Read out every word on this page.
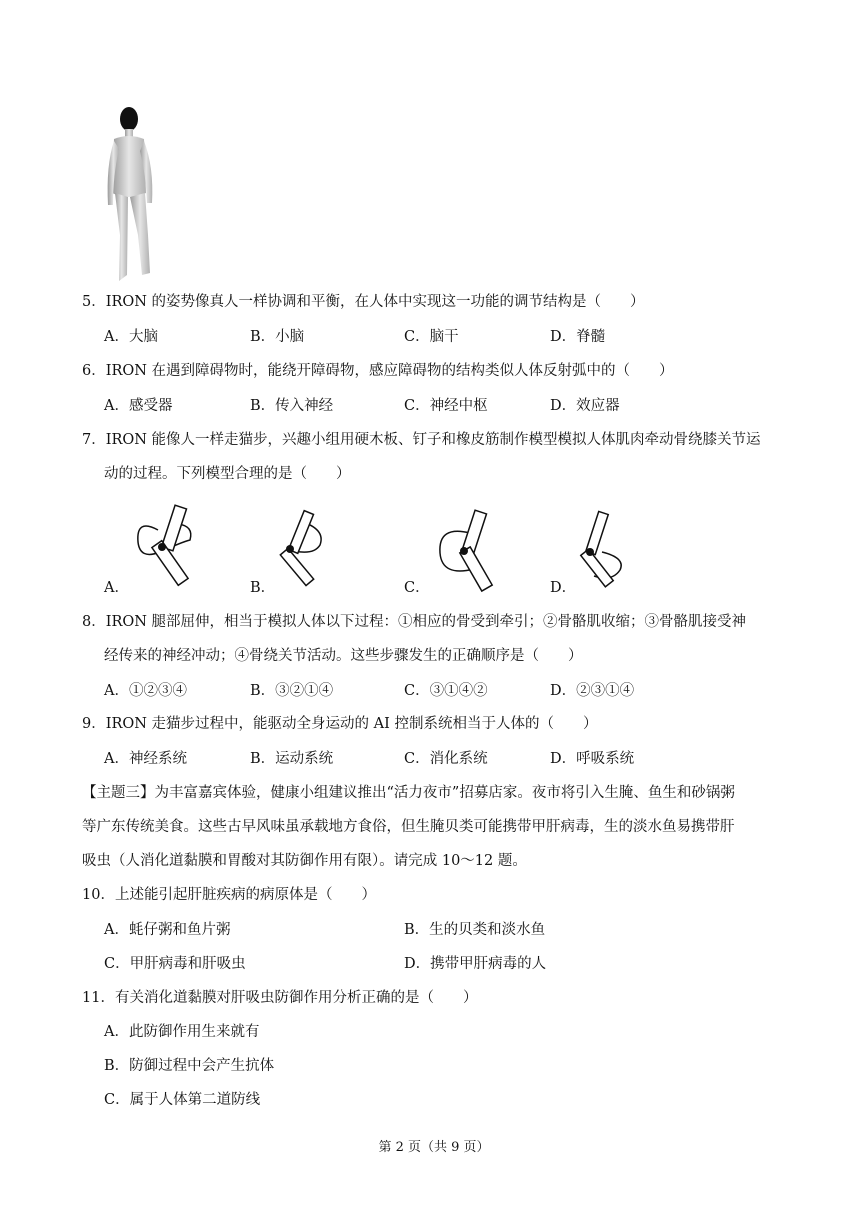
5．IRON 的姿势像真人一样协调和平衡，在人体中实现这一功能的调节结构是（　　）
A．大脑	B．小脑	C．脑干	D．脊髓
6．IRON 在遇到障碍物时，能绕开障碍物，感应障碍物的结构类似人体反射弧中的（　　）
A．感受器	B．传入神经	C．神经中枢	D．效应器
7．IRON 能像人一样走猫步，兴趣小组用硬木板、钉子和橡皮筋制作模型模拟人体肌肉牵动骨绕膝关节运
动的过程。下列模型合理的是（　　）
A．	B．	C．	D．
8．IRON 腿部屈伸，相当于模拟人体以下过程：①相应的骨受到牵引；②骨骼肌收缩；③骨骼肌接受神
经传来的神经冲动；④骨绕关节活动。这些步骤发生的正确顺序是（　　）
A．①②③④	B．③②①④	C．③①④②	D．②③①④
9．IRON 走猫步过程中，能驱动全身运动的 AI 控制系统相当于人体的（　　）
A．神经系统	B．运动系统	C．消化系统	D．呼吸系统
【主题三】为丰富嘉宾体验，健康小组建议推出“活力夜市”招募店家。夜市将引入生腌、鱼生和砂锅粥
等广东传统美食。这些古早风味虽承载地方食俗，但生腌贝类可能携带甲肝病毒，生的淡水鱼易携带肝
吸虫（人消化道黏膜和胃酸对其防御作用有限）。请完成 10～12 题。
10．上述能引起肝脏疾病的病原体是（　　）
A．蚝仔粥和鱼片粥	B．生的贝类和淡水鱼
C．甲肝病毒和肝吸虫	D．携带甲肝病毒的人
11．有关消化道黏膜对肝吸虫防御作用分析正确的是（　　）
A．此防御作用生来就有
B．防御过程中会产生抗体
C．属于人体第二道防线
第 2 页（共 9 页）
